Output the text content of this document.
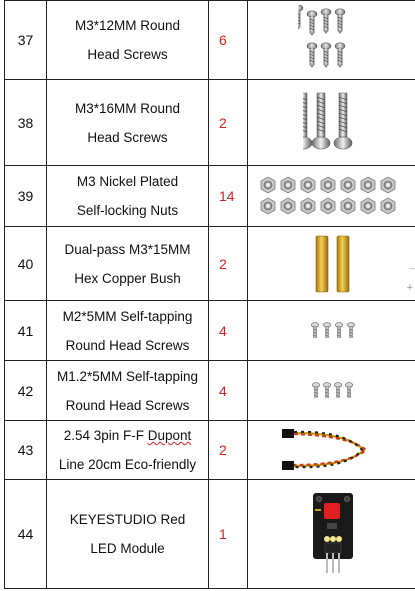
37	M3*12MM Round
Head Screws	6	

38	M3*16MM Round
Head Screws	2	

39	M3 Nickel Plated
Self-locking Nuts	14	

40	Dual-pass M3*15MM
Hex Copper Bush	2	

41	M2*5MM Self-tapping
Round Head Screws	4	

42	M1.2*5MM Self-tapping
Round Head Screws	4	

43	2.54 3pin F-F Dupont
Line 20cm Eco-friendly	2	

44	KEYESTUDIO Red
LED Module	1	
+
